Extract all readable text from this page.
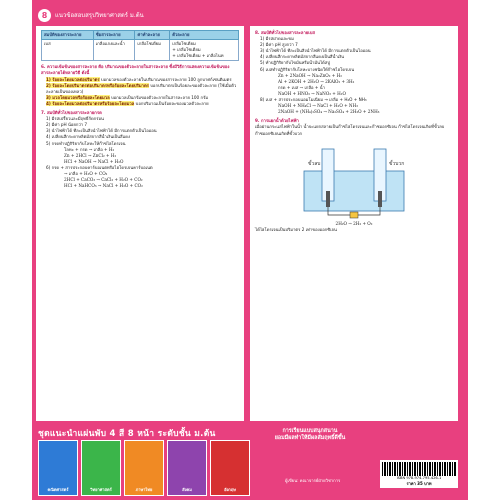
8	แนวข้อสอบสรุปวิทยาศาสตร์ ม.ต้น
สมบัติของสารละลาย	ชื่อสารละลาย	ค่าทำละลาย	ตัวละลาย
เบส	เกลือแกงและน้ำ	เกลือโซเดียม	เกลือโซเดียม
+ เกลือโซเดียม
+ เกลือโซเดียม + เกลือไนท
6. ความเข้มข้นของสารละลาย คือ ปริมาณของตัวละลายในสารละลาย ซึ่งมีวิธีการแสดงความเข้มข้นของสารละลายได้หลายวิธี ดังนี้
1) ร้อยละโดยมวลต่อปริมาตร บอกมวลของตัวละลายในปริมาณของสารละลาย 100 ลูกบาศก์เซนติเมตร
2) ร้อยละโดยปริมาตรต่อปริมาตรหรือร้อยละโดยปริมาตร บอกปริมาตรเป็นร้อยละของตัวละลาย (ใช้เมื่อตัวละลายเป็นของเหลว)
3) มวลโดยมวลหรือร้อยละโดยมวล บอกมวลเป็นกรัมของตัวละลายในสารละลาย 100 กรัม
4) ร้อยละโดยมวลต่อปริมาตรหรือร้อยละโดยมวล บอกปริมาณเป็นร้อยละของมวลตัวละลาย
7. สมบัติทั่วไปของสารละลายกรด
1) มีรสเปรี้ยวและมีฤทธิ์กัดกร่อน
2) มีค่า pH น้อยกว่า 7
3) นำไฟฟ้าได้ ทีละเป็นสิ่งนำไฟฟ้าได้ มีการแตกตัวเป็นไอออน
4) เปลี่ยนสีกระดาษลิตมัสจากสีน้ำเงินเป็นสีแดง
5) กรดทำปฏิกิริยากับโลหะให้ก๊าซไฮโดรเจน
โลหะ + กรด → เกลือ + H₂
Zn + 2HCl → ZnCl₂ + H₂
HCl + NaOH → NaCl + H₂O
6) กรด + สารประกอบคาร์บอเนตหรือไฮโดรเจนคาร์บอเนต
→ เกลือ + H₂O + CO₂
2HCl + CaCO₃ → CaCl₂ + H₂O + CO₂
HCl + NaHCO₃ → NaCl + H₂O + CO₂
8. สมบัติทั่วไปของสารละลายเบส
1) มีรสฝาดและขม
2) มีค่า pH สูงกว่า 7
3) นำไฟฟ้าได้ ทีละเป็นสิ่งนำไฟฟ้าได้ มีการแตกตัวเป็นไอออน
4) เปลี่ยนสีกระดาษลิตมัสจากสีแดงเป็นสีน้ำเงิน
5) ทำปฏิกิริยากับไขมันหรือน้ำมันได้สบู่
6) เบสทำปฏิกิริยากับโลหะบางชนิดให้ก๊าซไฮโดรเจน
Zn + 2NaOH → Na₂ZnO₂ + H₂
Al + 2KOH + 2H₂O → 2KAlO₂ + 3H₂
กรด + เบส → เกลือ + น้ำ
NaOH + HNO₃ → NaNO₃ + H₂O
8) เบส + สารประกอบแอมโมเนียม → เกลือ + H₂O + NH₃
NaOH + NH₄Cl → NaCl + H₂O + NH₃
2NaOH + (NH₄)₂SO₄ → Na₂SO₄ + 2H₂O + 2NH₃
9. การแยกน้ำด้วยไฟฟ้า
เมื่อผ่านกระแสไฟฟ้าในน้ำ น้ำจะแยกสลายเป็นก๊าซไฮโดรเจนและก๊าซออกซิเจน ก๊าซไฮโดรเจนเกิดที่ขั้วลบ ก๊าซออกซิเจนเกิดที่ขั้วบวก
ขั้วลบ	ขั้วบวก
2H₂O → 2H₂ + O₂
ได้ไฮโดรเจนเป็นปริมาตร 2 เท่าของออกซิเจน
ชุดแนะนำแผ่นพับ 4 สี 8 หน้า ระดับชั้น ม.ต้น
คณิตศาสตร์	วิทยาศาสตร์	ภาษาไทย	สังคม	อังกฤษ
การเรียนแบบสนุกสนาน
ยอมมีผลทำให้มีผลสัมฤทธิ์ดีขึ้น
ISBN 978-974-795-426-1
ราคา 35 บาท
ผู้เขียน: คณาจารย์ฝ่ายวิชาการ
